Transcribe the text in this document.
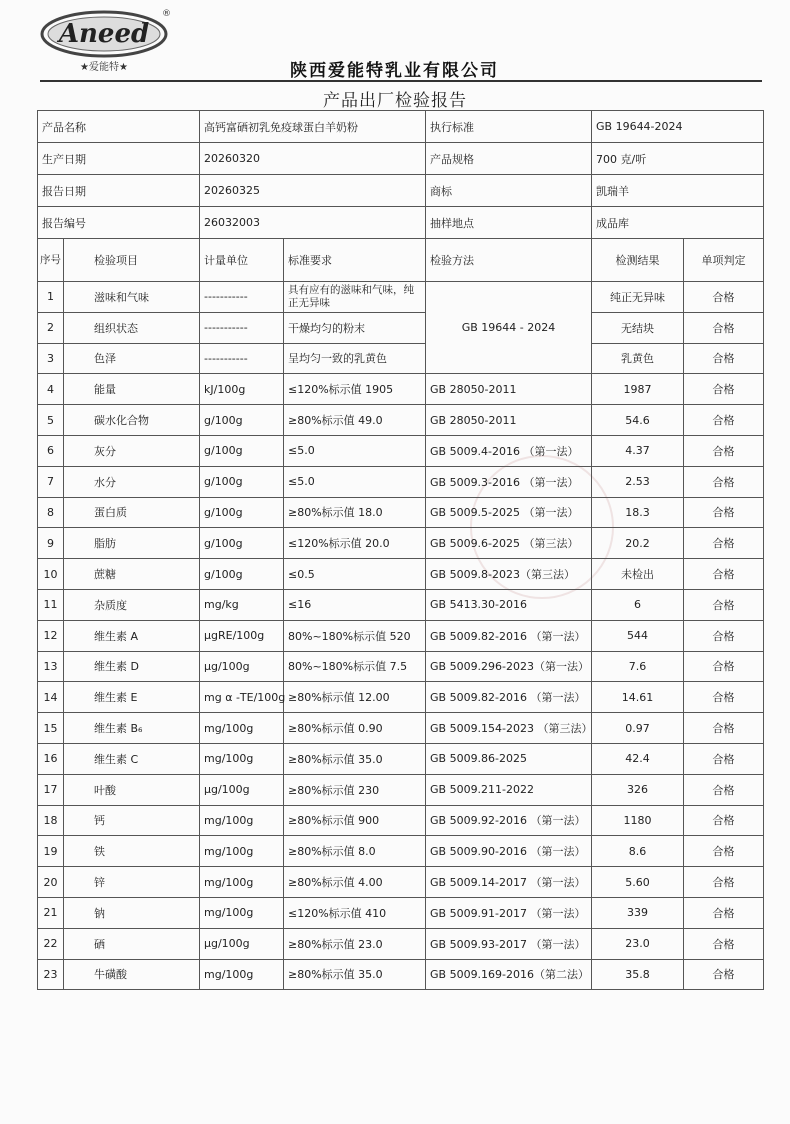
Aneed
®
★爱能特★	陕西爱能特乳业有限公司
产品出厂检验报告
产品名称		高钙富硒初乳免疫球蛋白羊奶粉		执行标准	GB 19644-2024	
生产日期		20260320		产品规格	700 克/听	
报告日期		20260325		商标	凯瑞羊	
报告编号		26032003		抽样地点	成品库	
序号	检验项目	计量单位	标准要求	检验方法	检测结果	单项判定
1	滋味和气味	-----------	具有应有的滋味和气味，纯正无异味	GB 19644 - 2024	纯正无异味	合格
2	组织状态	-----------	干燥均匀的粉末		无结块	合格
3	色泽	-----------	呈均匀一致的乳黄色		乳黄色	合格
4	能量	kJ/100g	≤120%标示值 1905	GB 28050-2011	1987	合格
5	碳水化合物	g/100g	≥80%标示值 49.0	GB 28050-2011	54.6	合格
6	灰分	g/100g	≤5.0	GB 5009.4-2016 （第一法）	4.37	合格
7	水分	g/100g	≤5.0	GB 5009.3-2016 （第一法）	2.53	合格
8	蛋白质	g/100g	≥80%标示值 18.0	GB 5009.5-2025 （第一法）	18.3	合格
9	脂肪	g/100g	≤120%标示值 20.0	GB 5009.6-2025 （第三法）	20.2	合格
10	蔗糖	g/100g	≤0.5	GB 5009.8-2023（第三法）	未检出	合格
11	杂质度	mg/kg	≤16	GB 5413.30-2016	6	合格
12	维生素 A	μgRE/100g	80%~180%标示值 520	GB 5009.82-2016 （第一法）	544	合格
13	维生素 D	μg/100g	80%~180%标示值 7.5	GB 5009.296-2023（第一法）	7.6	合格
14	维生素 E	mg α -TE/100g	≥80%标示值 12.00	GB 5009.82-2016 （第一法）	14.61	合格
15	维生素 B₆	mg/100g	≥80%标示值 0.90	GB 5009.154-2023 （第三法）	0.97	合格
16	维生素 C	mg/100g	≥80%标示值 35.0	GB 5009.86-2025	42.4	合格
17	叶酸	μg/100g	≥80%标示值 230	GB 5009.211-2022	326	合格
18	钙	mg/100g	≥80%标示值 900	GB 5009.92-2016 （第一法）	1180	合格
19	铁	mg/100g	≥80%标示值 8.0	GB 5009.90-2016 （第一法）	8.6	合格
20	锌	mg/100g	≥80%标示值 4.00	GB 5009.14-2017 （第一法）	5.60	合格
21	钠	mg/100g	≤120%标示值 410	GB 5009.91-2017 （第一法）	339	合格
22	硒	μg/100g	≥80%标示值 23.0	GB 5009.93-2017 （第一法）	23.0	合格
23	牛磺酸	mg/100g	≥80%标示值 35.0	GB 5009.169-2016（第二法）	35.8	合格
